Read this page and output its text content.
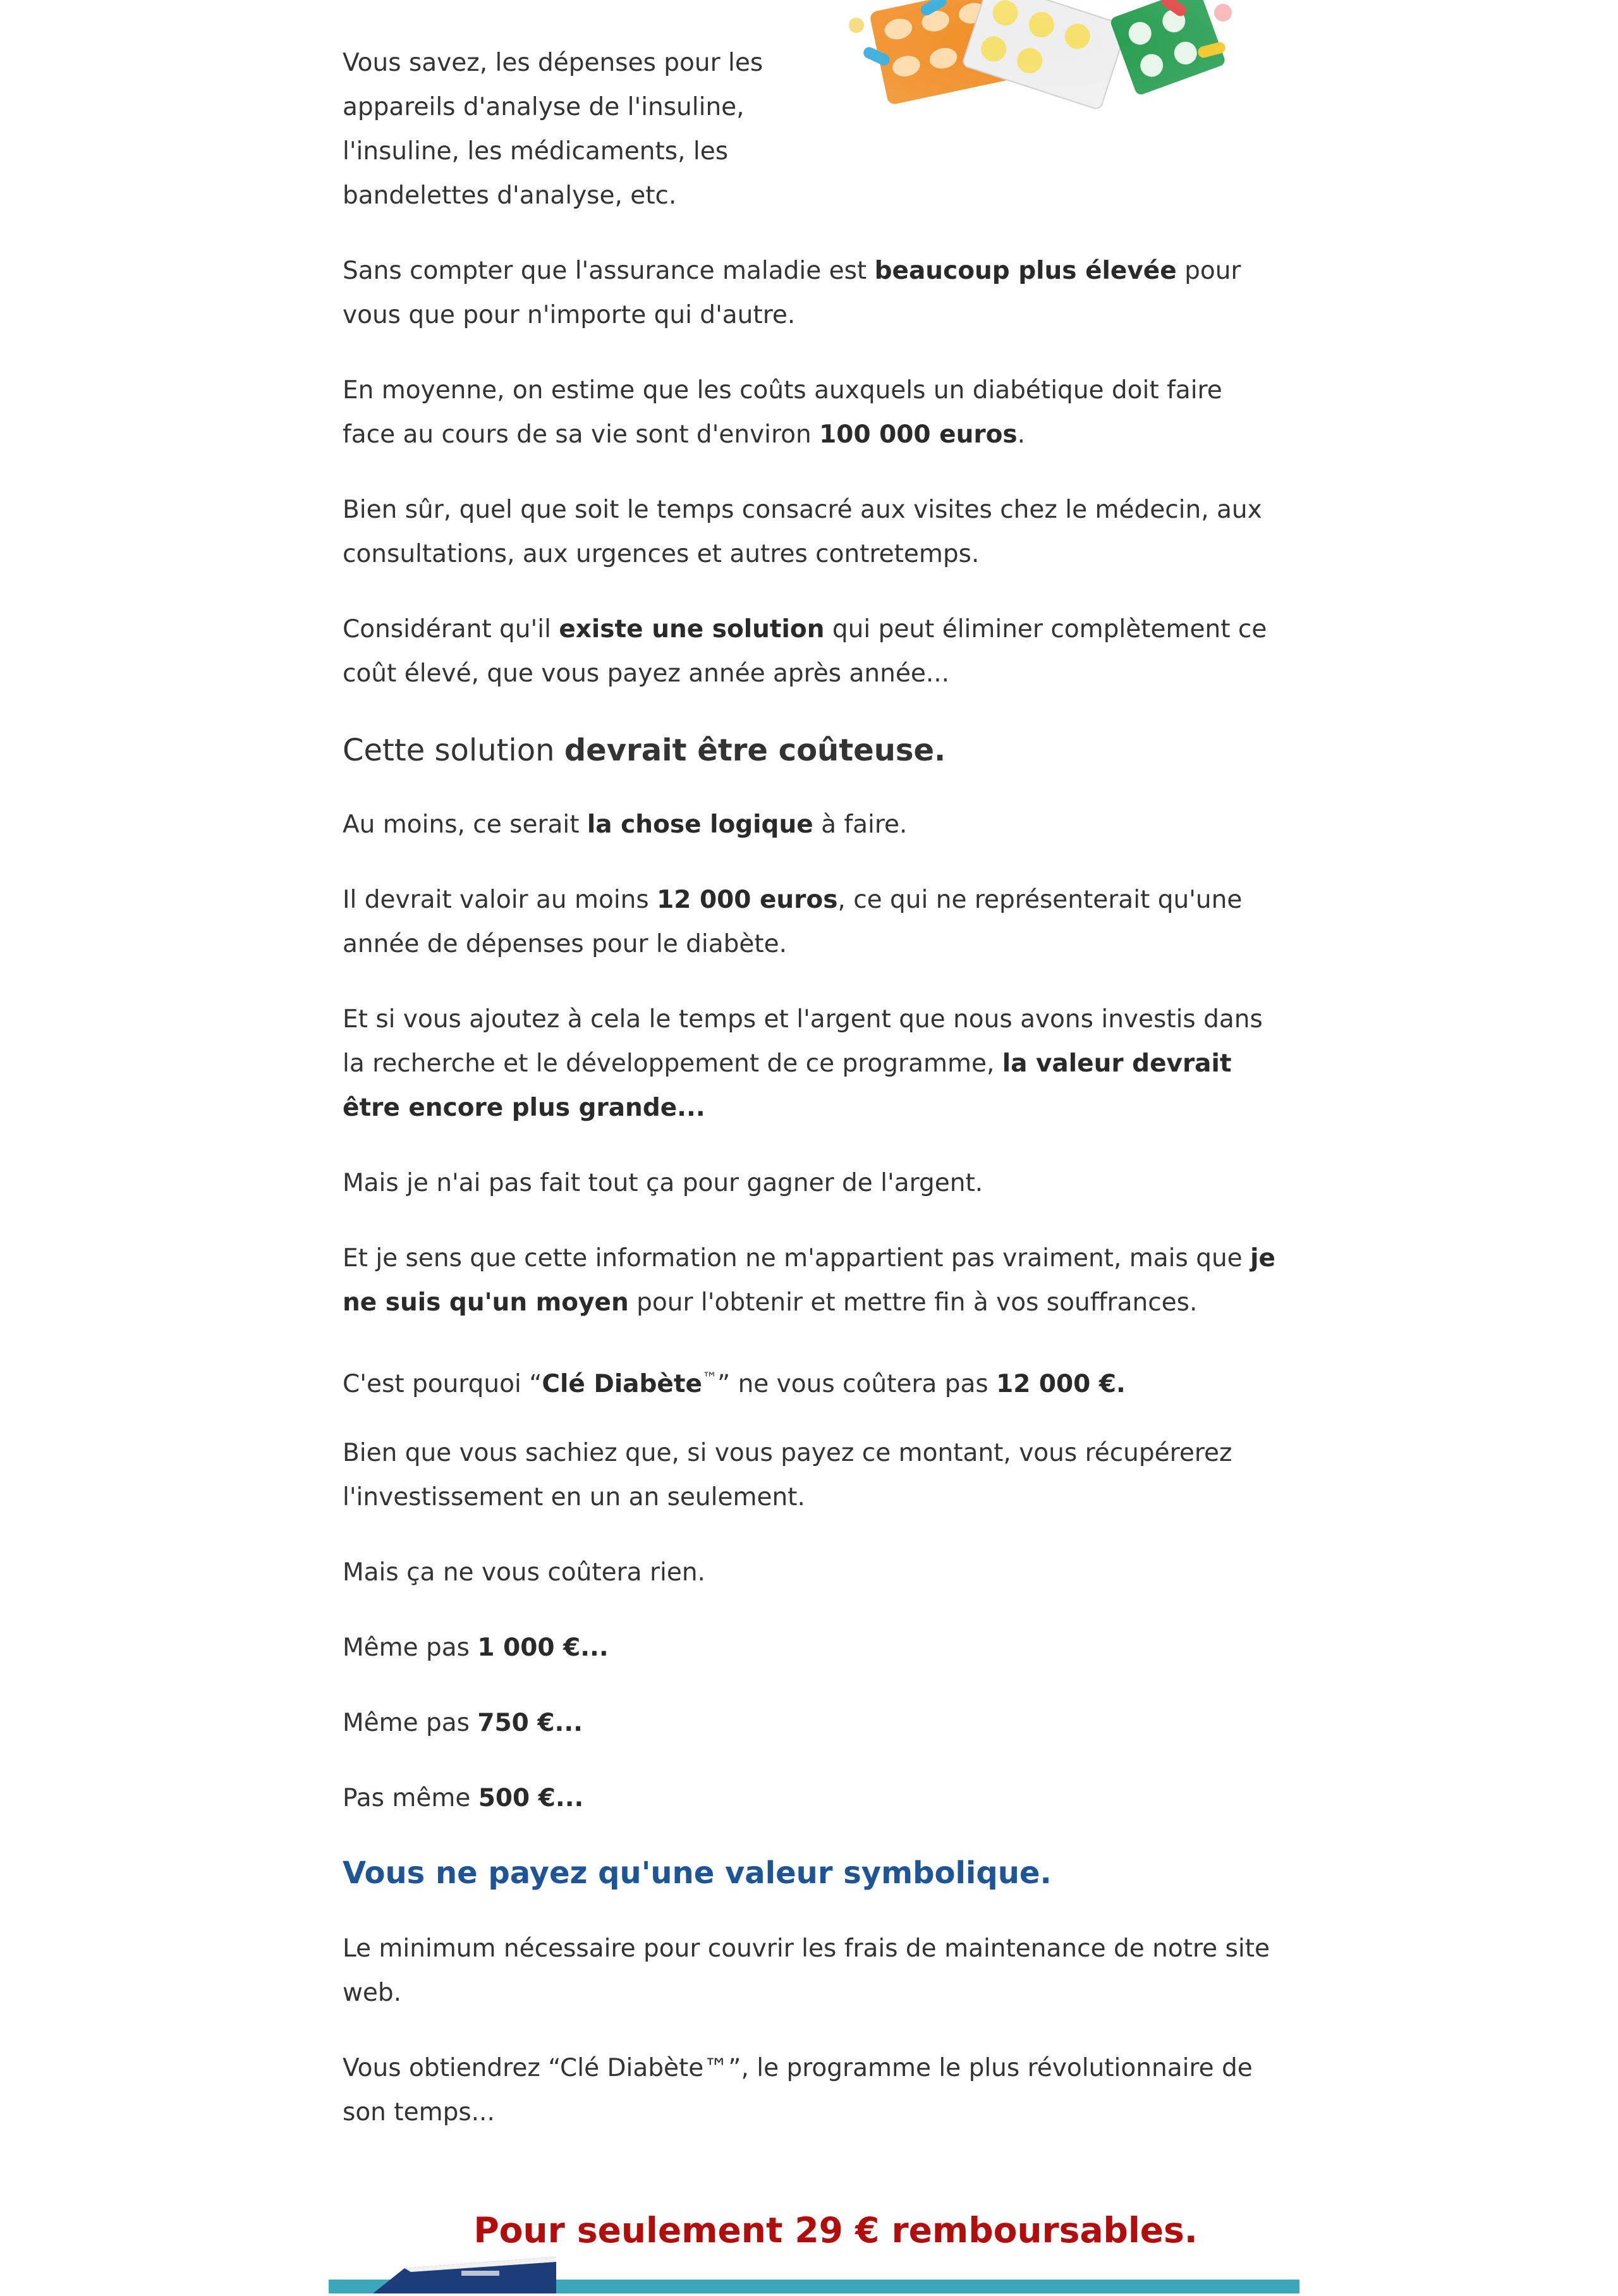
Vous savez, les dépenses pour les

appareils d'analyse de l'insuline,

l'insuline, les médicaments, les

bandelettes d'analyse, etc.

Sans compter que l'assurance maladie est beaucoup plus élevée pour

vous que pour n'importe qui d'autre.

En moyenne, on estime que les coûts auxquels un diabétique doit faire

face au cours de sa vie sont d'environ 100 000 euros.

Bien sûr, quel que soit le temps consacré aux visites chez le médecin, aux

consultations, aux urgences et autres contretemps.

Considérant qu'il existe une solution qui peut éliminer complètement ce

coût élevé, que vous payez année après année...

Cette solution devrait être coûteuse.

Au moins, ce serait la chose logique à faire.

Il devrait valoir au moins 12 000 euros, ce qui ne représenterait qu'une

année de dépenses pour le diabète.

Et si vous ajoutez à cela le temps et l'argent que nous avons investis dans

la recherche et le développement de ce programme, la valeur devrait

être encore plus grande...

Mais je n'ai pas fait tout ça pour gagner de l'argent.

Et je sens que cette information ne m'appartient pas vraiment, mais que je

ne suis qu'un moyen pour l'obtenir et mettre fin à vos souffrances.

C'est pourquoi “Clé Diabète™” ne vous coûtera pas 12 000 €.

Bien que vous sachiez que, si vous payez ce montant, vous récupérerez

l'investissement en un an seulement.

Mais ça ne vous coûtera rien.

Même pas 1 000 €...

Même pas 750 €...

Pas même 500 €...

Vous ne payez qu'une valeur symbolique.

Le minimum nécessaire pour couvrir les frais de maintenance de notre site

web.

Vous obtiendrez “Clé Diabète™”, le programme le plus révolutionnaire de

son temps...

Pour seulement 29 € remboursables.
